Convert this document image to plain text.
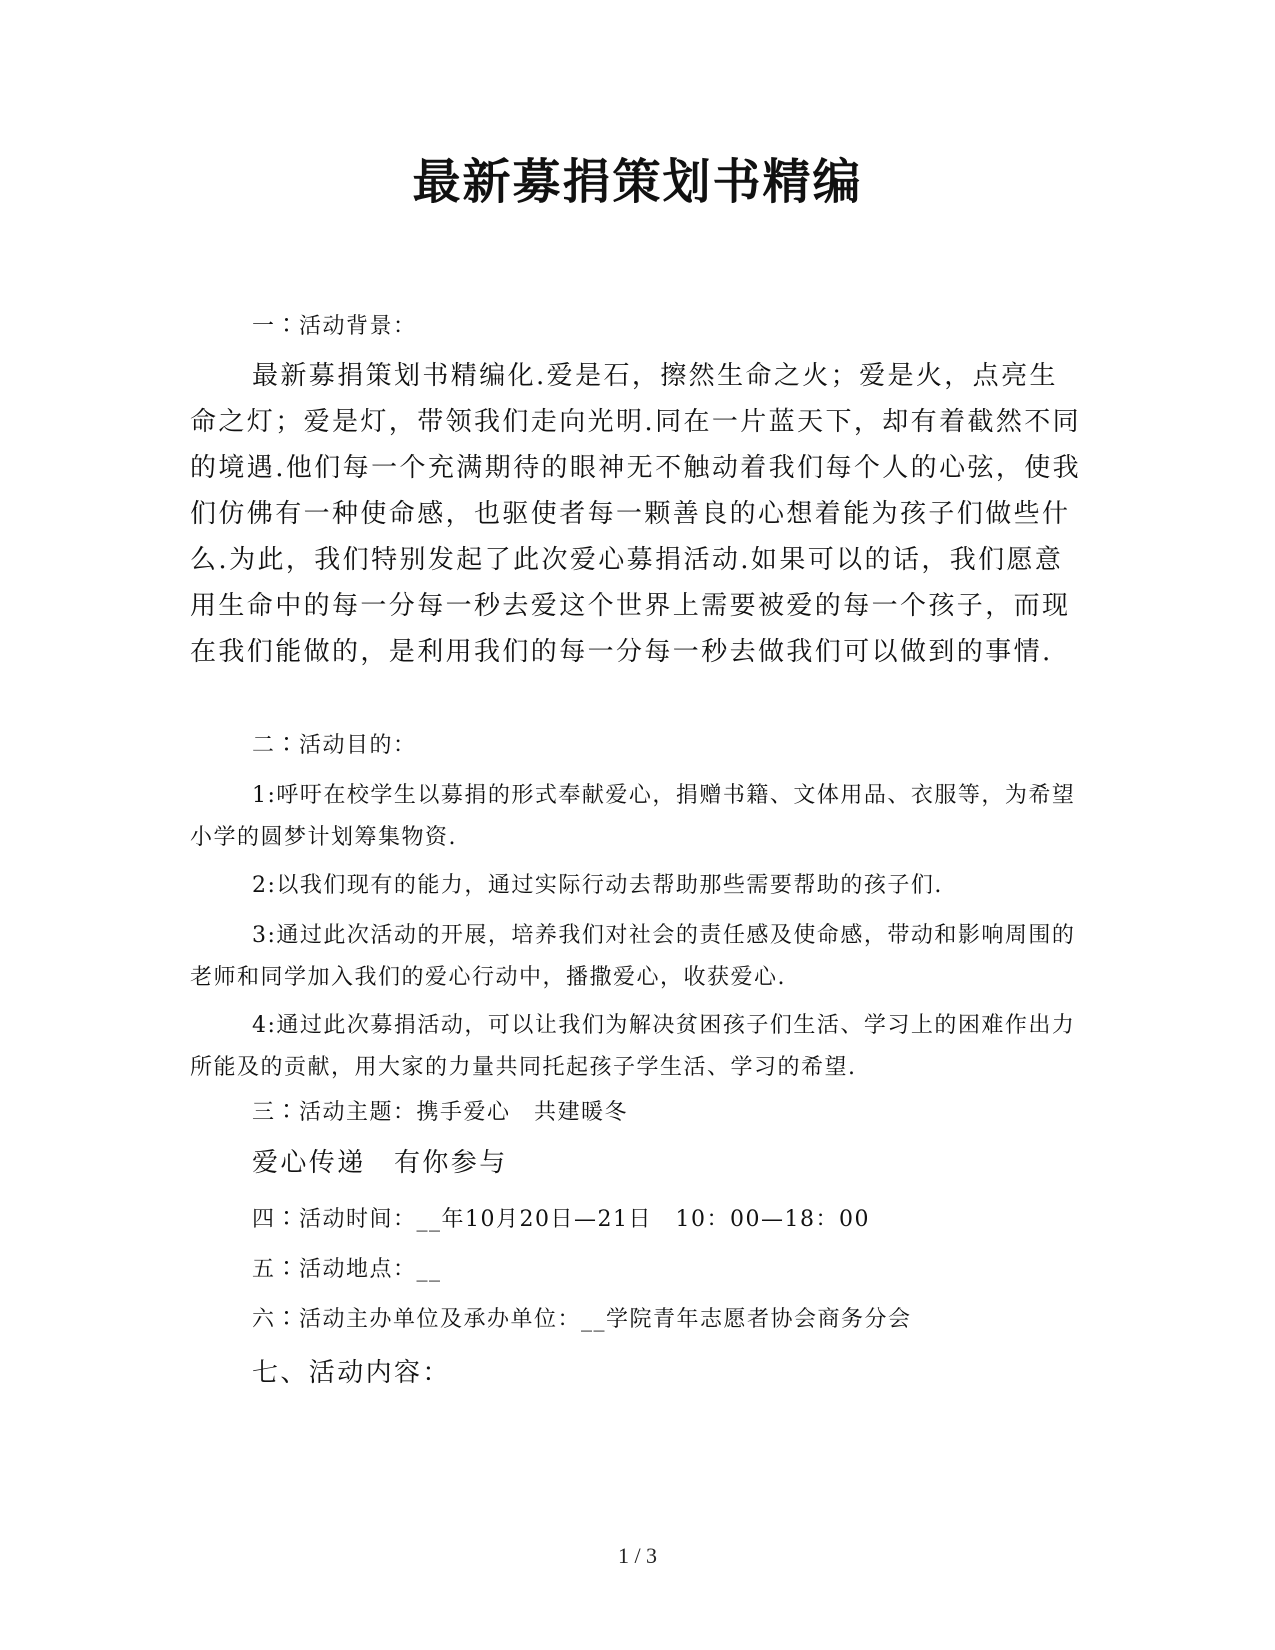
最新募捐策划书精编

一∶活动背景：

最新募捐策划书精编化.爱是石，擦然生命之火；爱是火，点亮生命之灯；爱是灯，带领我们走向光明.同在一片蓝天下，却有着截然不同的境遇.他们每一个充满期待的眼神无不触动着我们每个人的心弦，使我们仿佛有一种使命感，也驱使者每一颗善良的心想着能为孩子们做些什么.为此，我们特别发起了此次爱心募捐活动.如果可以的话，我们愿意用生命中的每一分每一秒去爱这个世界上需要被爱的每一个孩子，而现在我们能做的，是利用我们的每一分每一秒去做我们可以做到的事情.

二∶活动目的：

1:呼吁在校学生以募捐的形式奉献爱心，捐赠书籍、文体用品、衣服等，为希望小学的圆梦计划筹集物资.

2:以我们现有的能力，通过实际行动去帮助那些需要帮助的孩子们.

3:通过此次活动的开展，培养我们对社会的责任感及使命感，带动和影响周围的老师和同学加入我们的爱心行动中，播撒爱心，收获爱心.

4:通过此次募捐活动，可以让我们为解决贫困孩子们生活、学习上的困难作出力所能及的贡献，用大家的力量共同托起孩子学生活、学习的希望.

三∶活动主题：携手爱心　共建暖冬

爱心传递　有你参与

四∶活动时间：__年10月20日—21日　10：00—18：00

五∶活动地点：__

六∶活动主办单位及承办单位：__学院青年志愿者协会商务分会

七、活动内容：

1 / 3
